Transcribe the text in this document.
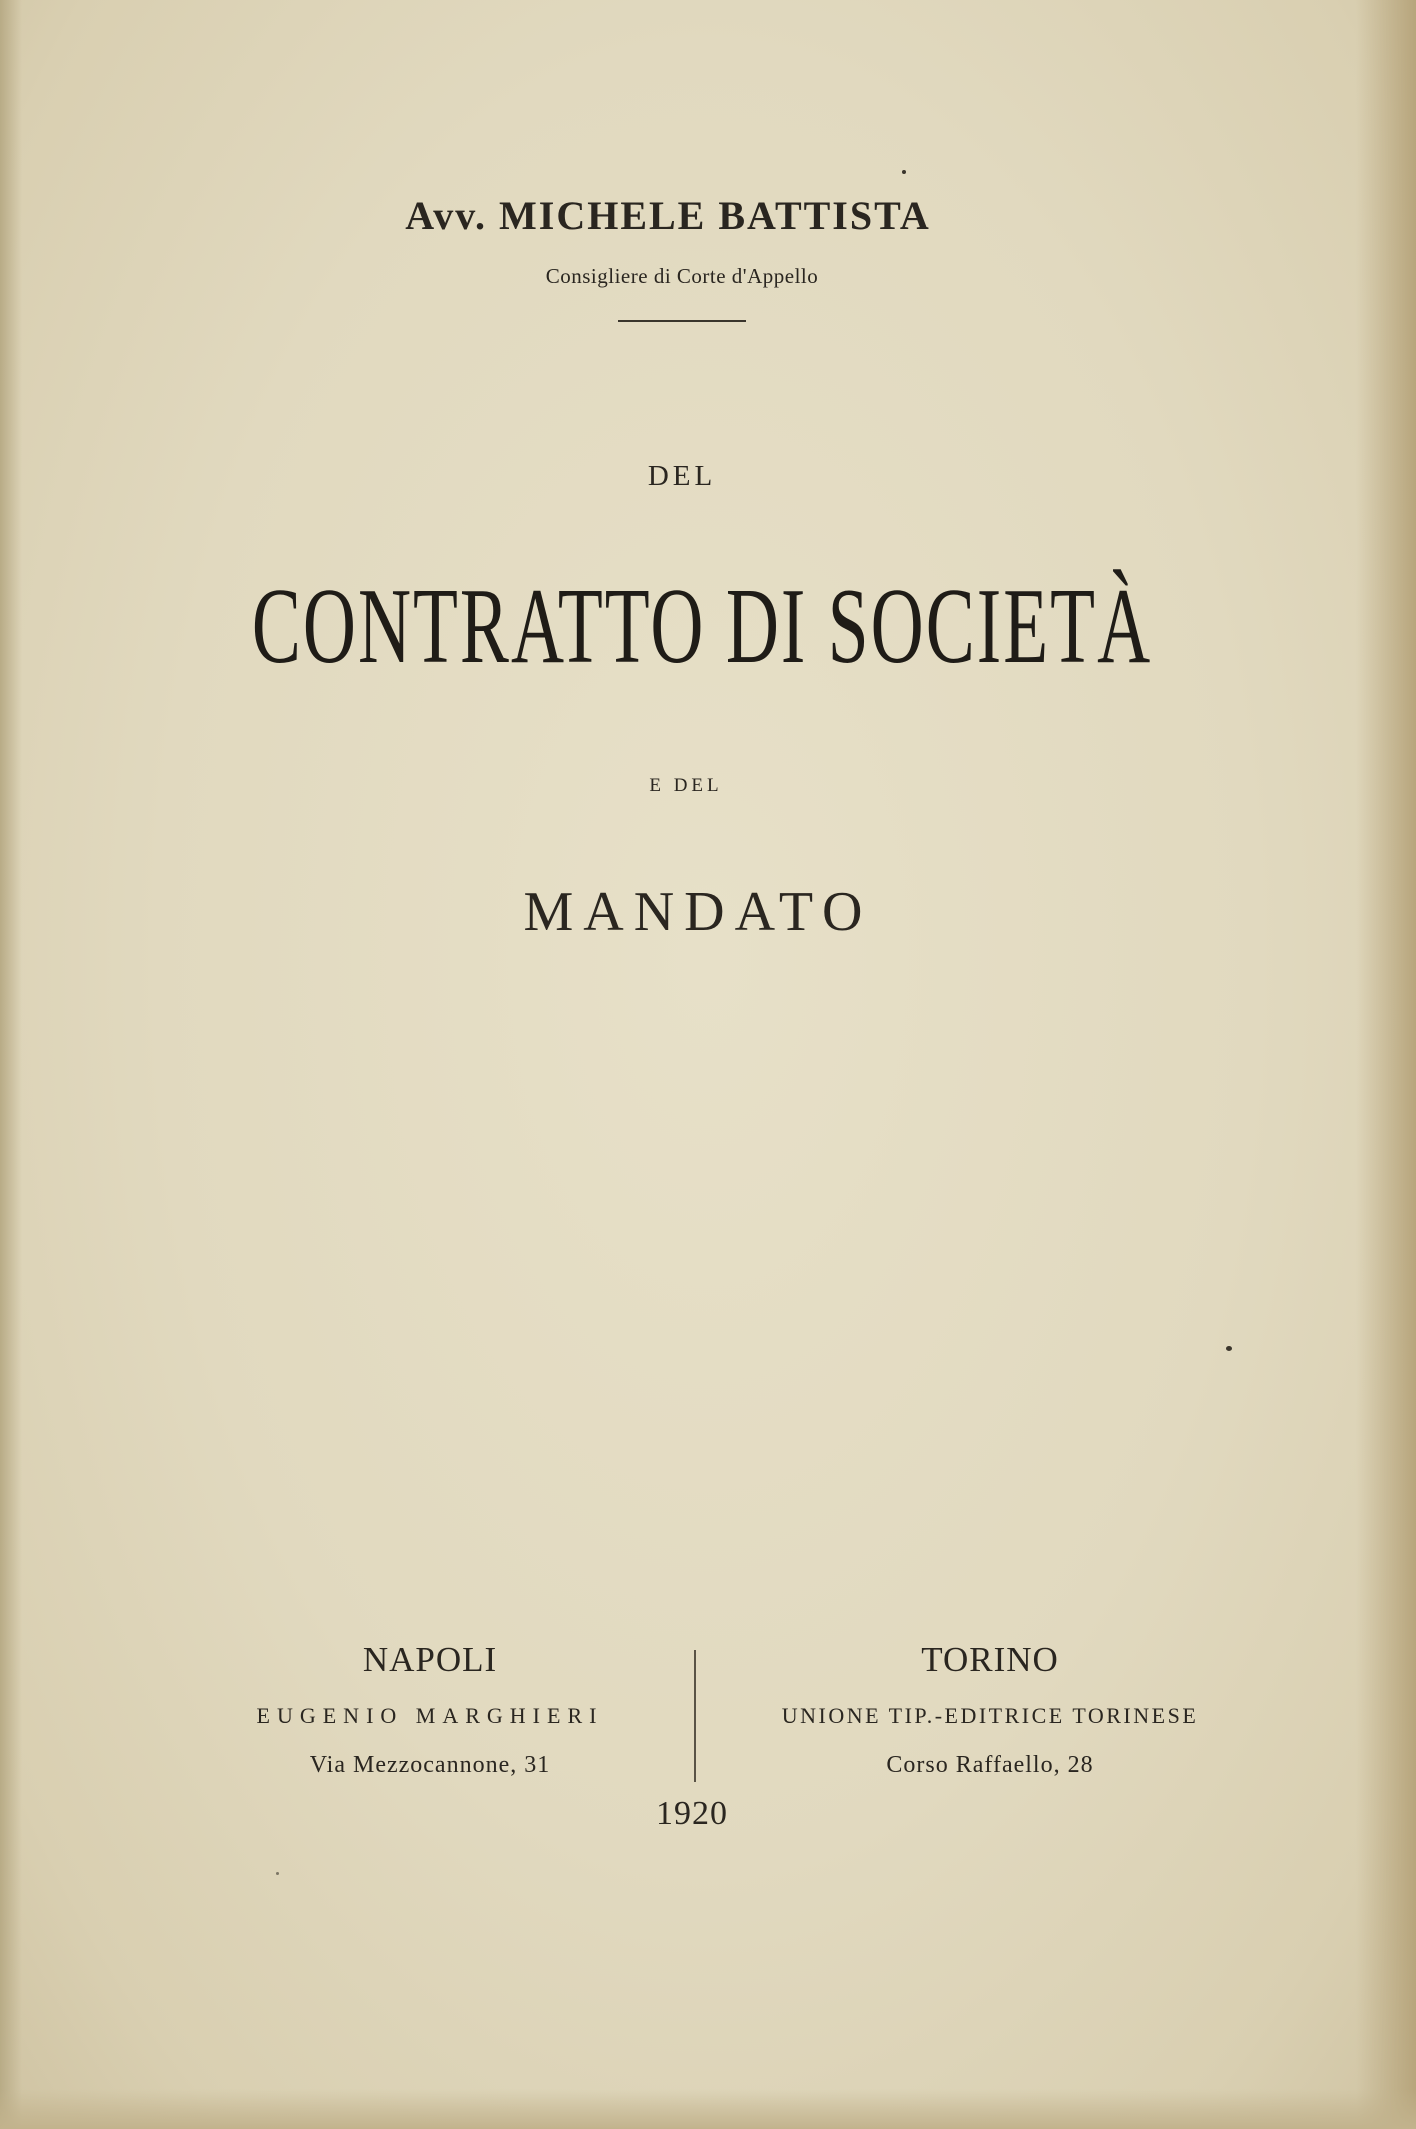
Avv. MICHELE BATTISTA
Consigliere di Corte d'Appello
DEL
CONTRATTO DI SOCIETÀ
E DEL
MANDATO
NAPOLI
EUGENIO MARGHIERI
Via Mezzocannone, 31
TORINO
UNIONE TIP.-EDITRICE TORINESE
Corso Raffaello, 28
1920
